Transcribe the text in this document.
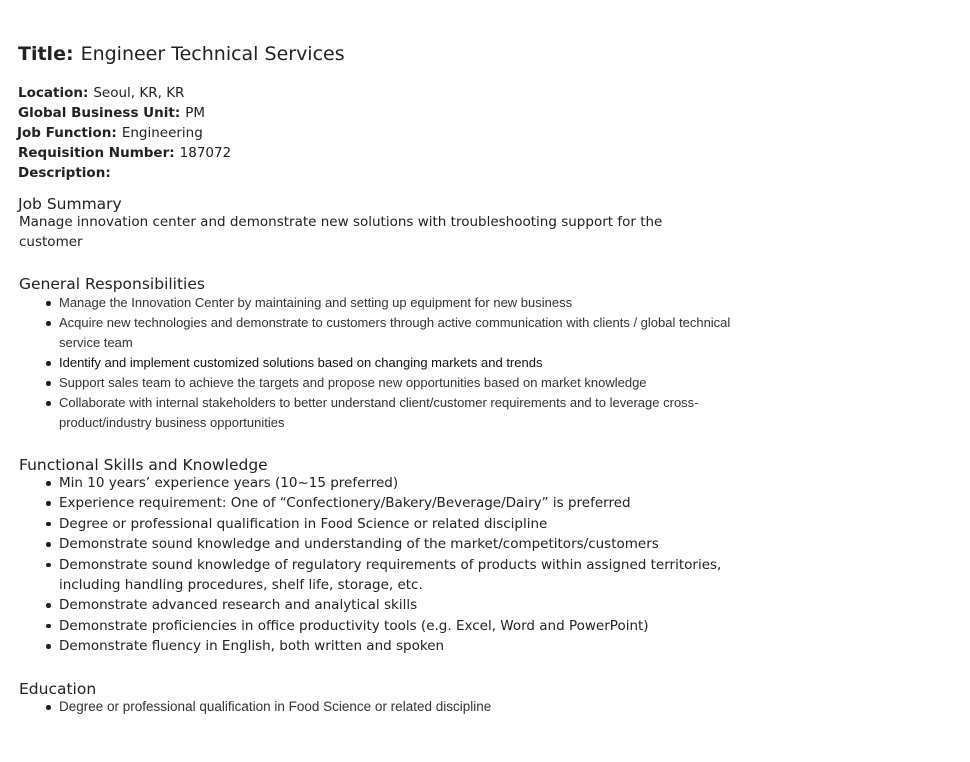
Title: Engineer Technical Services
Location: Seoul, KR, KR
Global Business Unit: PM
Job Function: Engineering
Requisition Number: 187072
Description:
Job Summary
Manage innovation center and demonstrate new solutions with troubleshooting support for the customer
General Responsibilities
Manage the Innovation Center by maintaining and setting up equipment for new business
Acquire new technologies and demonstrate to customers through active communication with clients / global technical service team
Identify and implement customized solutions based on changing markets and trends
Support sales team to achieve the targets and propose new opportunities based on market knowledge
Collaborate with internal stakeholders to better understand client/customer requirements and to leverage cross-product/industry business opportunities
Functional Skills and Knowledge
Min 10 years’ experience years (10~15 preferred)
Experience requirement: One of “Confectionery/Bakery/Beverage/Dairy” is preferred
Degree or professional qualification in Food Science or related discipline
Demonstrate sound knowledge and understanding of the market/competitors/customers
Demonstrate sound knowledge of regulatory requirements of products within assigned territories, including handling procedures, shelf life, storage, etc.
Demonstrate advanced research and analytical skills
Demonstrate proficiencies in office productivity tools (e.g. Excel, Word and PowerPoint)
Demonstrate fluency in English, both written and spoken
Education
Degree or professional qualification in Food Science or related discipline
